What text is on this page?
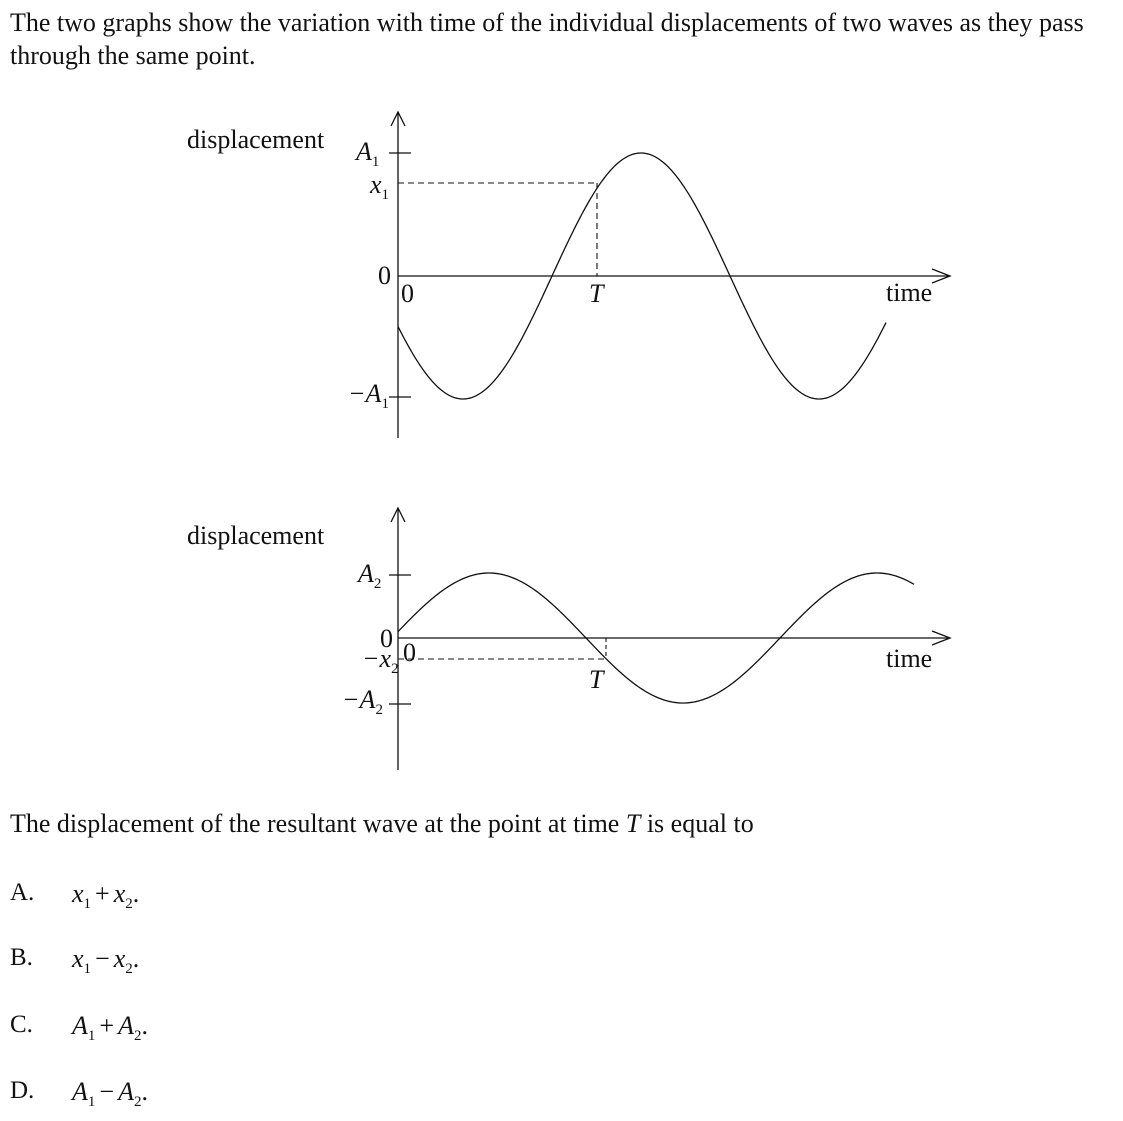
The two graphs show the variation with time of the individual displacements of two waves as they pass through the same point.
displacement $A_1$
$x_1$
0
0	T
$-A_1$
time
displacement
$A_2$
0
$-x_2$
0
T
$-A_2$
time
The displacement of the resultant wave at the point at time T is equal to
A. $x_1 + x_2$.
B. $x_1 - x_2$.
C. $A_1 + A_2$.
D. $A_1 - A_2$.
